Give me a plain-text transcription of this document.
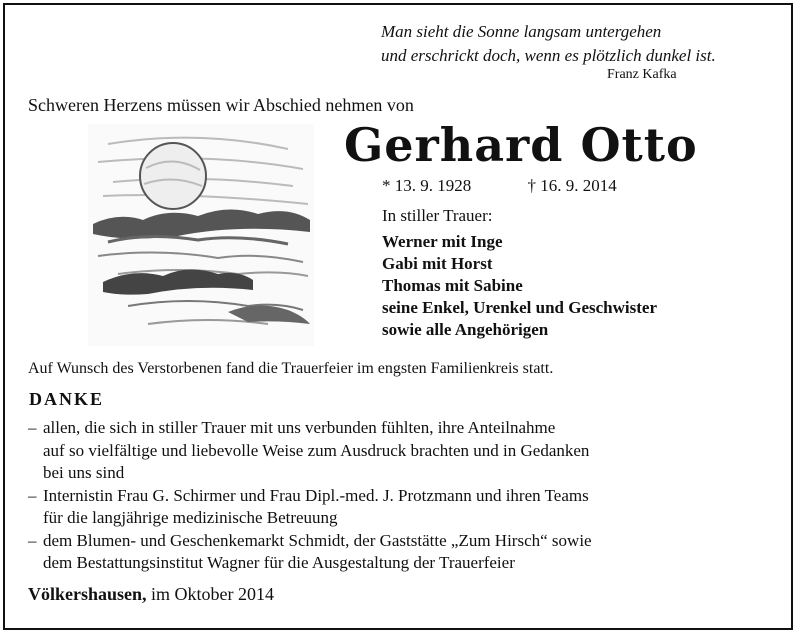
Man sieht die Sonne langsam untergehen
und erschrickt doch, wenn es plötzlich dunkel ist.
Franz Kafka
Schweren Herzens müssen wir Abschied nehmen von
Gerhard Otto
* 13. 9. 1928	† 16. 9. 2014
In stiller Trauer:
Werner mit Inge
Gabi mit Horst
Thomas mit Sabine
seine Enkel, Urenkel und Geschwister
sowie alle Angehörigen
Auf Wunsch des Verstorbenen fand die Trauerfeier im engsten Familienkreis statt.
DANKE
– allen, die sich in stiller Trauer mit uns verbunden fühlten, ihre Anteilnahme
auf so vielfältige und liebevolle Weise zum Ausdruck brachten und in Gedanken
bei uns sind
– Internistin Frau G. Schirmer und Frau Dipl.-med. J. Protzmann und ihren Teams
für die langjährige medizinische Betreuung
– dem Blumen- und Geschenkemarkt Schmidt, der Gaststätte „Zum Hirsch“ sowie
dem Bestattungsinstitut Wagner für die Ausgestaltung der Trauerfeier
Völkershausen, im Oktober 2014
